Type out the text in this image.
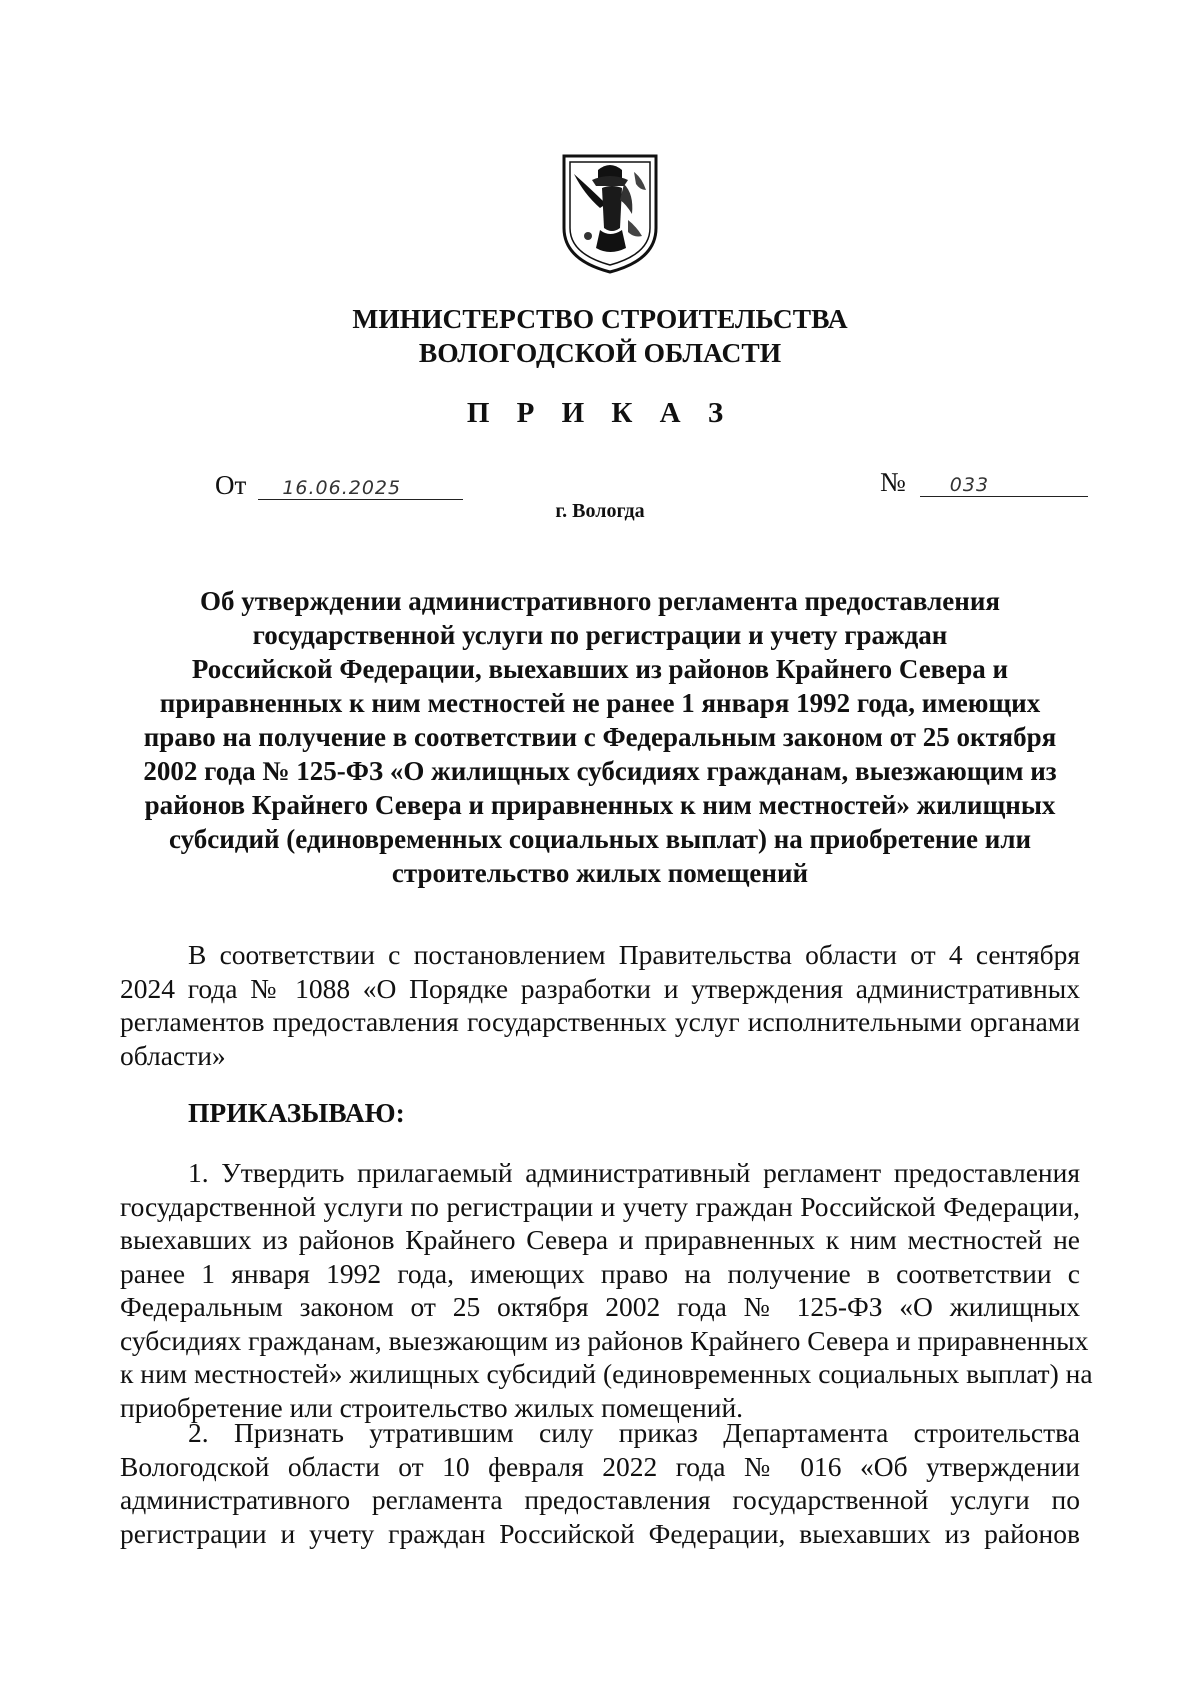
МИНИСТЕРСТВО СТРОИТЕЛЬСТВА
ВОЛОГОДСКОЙ ОБЛАСТИ
П Р И К А З
От	16.06.2025	№	033
г. Вологда
Об утверждении административного регламента предоставления
государственной услуги по регистрации и учету граждан
Российской Федерации, выехавших из районов Крайнего Севера и
приравненных к ним местностей не ранее 1 января 1992 года, имеющих
право на получение в соответствии с Федеральным законом от 25 октября
2002 года № 125-ФЗ «О жилищных субсидиях гражданам, выезжающим из
районов Крайнего Севера и приравненных к ним местностей» жилищных
субсидий (единовременных социальных выплат) на приобретение или
строительство жилых помещений
В соответствии с постановлением Правительства области от 4 сентября
2024 года № 1088 «О Порядке разработки и утверждения административных
регламентов предоставления государственных услуг исполнительными органами
области»
ПРИКАЗЫВАЮ:
1. Утвердить прилагаемый административный регламент предоставления
государственной услуги по регистрации и учету граждан Российской Федерации,
выехавших из районов Крайнего Севера и приравненных к ним местностей не
ранее 1 января 1992 года, имеющих право на получение в соответствии с
Федеральным законом от 25 октября 2002 года № 125-ФЗ «О жилищных
субсидиях гражданам, выезжающим из районов Крайнего Севера и приравненных
к ним местностей» жилищных субсидий (единовременных социальных выплат) на
приобретение или строительство жилых помещений.
2. Признать утратившим силу приказ Департамента строительства
Вологодской области от 10 февраля 2022 года № 016 «Об утверждении
административного регламента предоставления государственной услуги по
регистрации и учету граждан Российской Федерации, выехавших из районов
